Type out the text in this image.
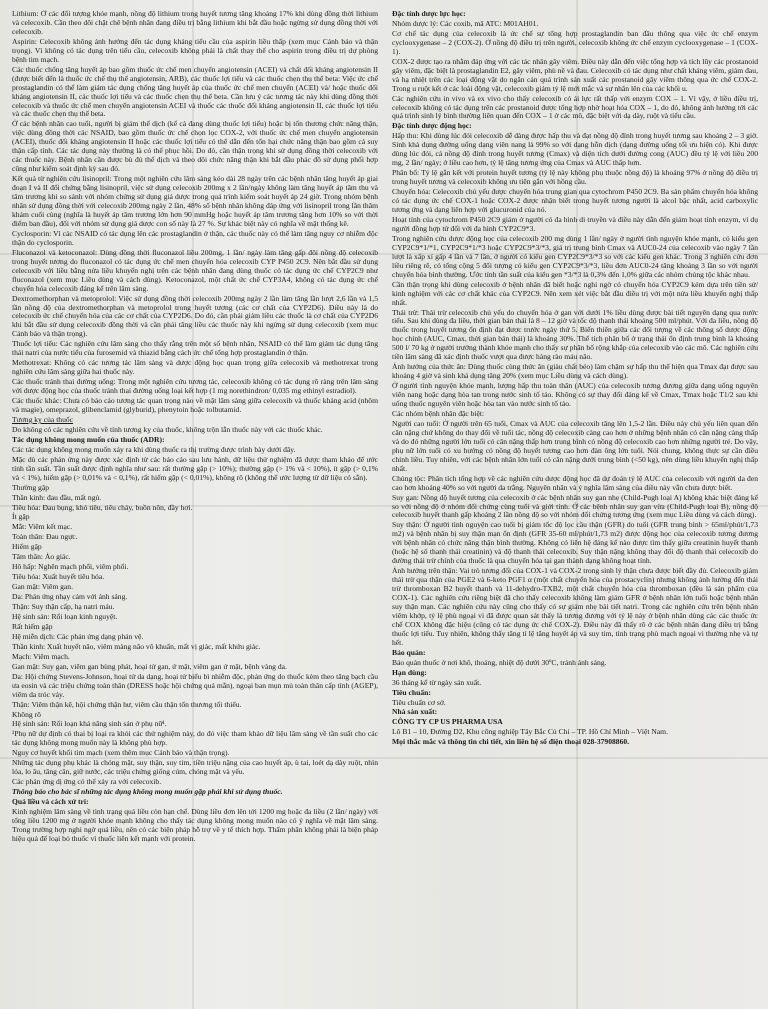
Lithium: Ở các đối tượng khỏe mạnh, nồng độ lithium trong huyết tương tăng khoảng 17% khi dùng đồng thời lithium và celecoxib. Cần theo dõi chặt chẽ bệnh nhân đang điều trị bằng lithium khi bắt đầu hoặc ngừng sử dụng đồng thời với celecoxib.

Aspirin: Celecoxib không ảnh hưởng đến tác dụng kháng tiểu cầu của aspirin liều thấp (xem mục Cảnh báo và thận trọng). Vì không có tác dụng trên tiểu cầu, celecoxib không phải là chất thay thế cho aspirin trong điều trị dự phòng bệnh tim mạch.

Các thuốc chống tăng huyết áp bao gồm thuốc ức chế men chuyển angiotensin (ACEI) và chất đối kháng angiotensin II (được biết đến là thuốc ức chế thụ thể angiotensin, ARB), các thuốc lợi tiểu và các thuốc chẹn thụ thể beta: Việc ức chế prostaglandin có thể làm giảm tác dụng chống tăng huyết áp của thuốc ức chế men chuyển (ACEI) và/ hoặc thuốc đối kháng angiotensin II, các thuốc lợi tiểu và các thuốc chẹn thụ thể beta. Cần lưu ý các tương tác này khi dùng đồng thời celecoxib và thuốc ức chế men chuyển angiotensin ACEI và thuốc các thuốc đối kháng angiotensin II, các thuốc lợi tiểu và các thuốc chẹn thụ thể beta.

Ở các bệnh nhân cao tuổi, người bị giảm thể dịch (kể cả đang dùng thuốc lợi tiểu) hoặc bị tổn thương chức năng thận, việc dùng đồng thời các NSAID, bao gồm thuốc ức chế chọn lọc COX-2, với thuốc ức chế men chuyển angiotensin (ACEI), thuốc đối kháng angiotensin II hoặc các thuốc lợi tiểu có thể dẫn đến tổn hại chức năng thận bao gồm cả suy thận cấp tính. Các tác dụng này thường là có thể phục hồi. Do đó, cần thận trọng khi sử dụng đồng thời celecoxib với các thuốc này. Bệnh nhân cần được bù đủ thể dịch và theo dõi chức năng thận khi bắt đầu phác đồ sử dụng phối hợp cũng như kiểm soát định kỳ sau đó.

Kết quả từ nghiên cứu lisinopril: Trong một nghiên cứu lâm sàng kéo dài 28 ngày trên các bệnh nhân tăng huyết áp giai đoạn I và II đối chứng bằng lisinopril, việc sử dụng celecoxib 200mg x 2 lần/ngày không làm tăng huyết áp tâm thu và tâm trương khi so sánh với nhóm chứng sử dụng giả dược trong quá trình kiểm soát huyết áp 24 giờ. Trong nhóm bệnh nhân sử dụng đồng thời với celecoxib 200mg ngày 2 lần, 48% số bệnh nhân không đáp ứng với lisinopril trong lần thăm khám cuối cùng (nghĩa là huyết áp tâm trương lớn hơn 90 mmHg hoặc huyết áp tâm trương tăng hơn 10% so với thời điểm ban đầu), đối với nhóm sử dụng giả dược con số này là 27 %. Sự khác biệt này có nghĩa về mặt thống kê.

Cyclosporin: Vì các NSAID có tác dụng lên các prostaglandin ở thận, các thuốc này có thể làm tăng nguy cơ nhiễm độc thận do cyclosporin.

Fluconazol và ketoconazol: Dùng đồng thời fluconazol liều 200mg, 1 lần/ ngày làm tăng gấp đôi nồng độ celecoxib trong huyết tương do fluconazol có tác dụng ức chế men chuyển hóa celecoxib CYP P450 2C9. Nên bắt đầu sử dụng celecoxib với liều bằng nửa liều khuyến nghị trên các bệnh nhân đang dùng thuốc có tác dụng ức chế CYP2C9 như fluconazol (xem mục Liều dùng và cách dùng). Ketoconazol, một chất ức chế CYP3A4, không có tác dụng ức chế chuyển hóa celecoxib đáng kể trên lâm sàng.

Dextromethorphan và metoprolol: Việc sử dụng đồng thời celecoxib 200mg ngày 2 lần làm tăng lần lượt 2,6 lần và 1,5 lần nồng độ của dextromethorphan và metoprolol trong huyết tương (các cơ chất của CYP2D6). Điều này là do celecoxib ức chế chuyển hóa của các cơ chất của CYP2D6. Do đó, cần phải giảm liều các thuốc là cơ chất của CYP2D6 khi bắt đầu sử dụng celecoxib đồng thời và cần phải tăng liều các thuốc này khi ngừng sử dụng celecoxib (xem mục Cảnh báo và thận trọng).

Thuốc lợi tiểu: Các nghiên cứu lâm sàng cho thấy rằng trên một số bệnh nhân, NSAID có thể làm giảm tác dụng tăng thải natri của nước tiểu của furosemid và thiazid bằng cách ức chế tổng hợp prostaglandin ở thận.

Methotrexat: Không có các tương tác lâm sàng và dược động học quan trọng giữa celecoxib và methotrexat trong nghiên cứu lâm sàng giữa hai thuốc này.

Các thuốc tránh thai đường uống: Trong một nghiên cứu tương tác, celecoxib không có tác dụng rõ ràng trên lâm sàng với dược động học của thuốc tránh thai đường uống loại kết hợp (1 mg norethindron/ 0,035 mg ethinyl estradiol).

Các thuốc khác: Chưa có báo cáo tương tác quan trọng nào về mặt lâm sàng giữa celecoxib và thuốc kháng acid (nhôm và magie), omeprazol, glibenclamid (glyburid), phenytoin hoặc tolbutamid.

Tương kỵ của thuốc

Do không có các nghiên cứu về tính tương kỵ của thuốc, không trộn lẫn thuốc này với các thuốc khác.

Tác dụng không mong muốn của thuốc (ADR):

Các tác dụng không mong muốn xảy ra khi dùng thuốc ra thị trường được trình bày dưới đây.

Mặc dù các phản ứng này được xác định từ các báo cáo sau lưu hành, dữ liệu thử nghiệm đã được tham khảo để ước tính tần suất. Tần suất được định nghĩa như sau: rất thường gặp (> 10%); thường gặp (> 1% và < 10%), ít gặp (> 0,1% và < 1%), hiếm gặp (> 0,01% và < 0,1%), rất hiếm gặp (< 0,01%), không rõ (không thể ước lượng từ dữ liệu có sẵn).

Thường gặp

Thần kinh: đau đầu, mất ngủ.

Tiêu hóa: Đau bụng, khó tiêu, tiêu chảy, buồn nôn, đầy hơi.

Ít gặp

Mắt: Viêm kết mạc.

Toàn thân: Đau ngực.

Hiếm gặp

Tâm thần: Ảo giác.

Hô hấp: Nghẽn mạch phổi, viêm phổi.

Tiêu hóa: Xuất huyết tiêu hóa.

Gan mật: Viêm gan.

Da: Phản ứng nhạy cảm với ánh sáng.

Thận: Suy thận cấp, hạ natri máu.

Hệ sinh sản: Rối loạn kinh nguyệt.

Rất hiếm gặp

Hệ miễn dịch: Các phản ứng dạng phản vệ.

Thần kinh: Xuất huyết não, viêm màng não vô khuẩn, mất vị giác, mất khứu giác.

Mạch: Viêm mạch.

Gan mật: Suy gan, viêm gan bùng phát, hoại tử gan, ứ mật, viêm gan ứ mật, bệnh vàng da.

Da: Hội chứng Stevens-Johnson, hoại tử da dạng, hoại tử biểu bì nhiễm độc, phản ứng do thuốc kèm theo tăng bạch cầu ưa eosin và các triệu chứng toàn thân (DRESS hoặc hội chứng quá mẫn), ngoại ban mụn mủ toàn thân cấp tính (AGEP), viêm da tróc vảy.

Thận: Viêm thận kẽ, hội chứng thận hư, viêm cầu thận tổn thương tối thiểu.

Không rõ

Hệ sinh sản: Rối loạn khả năng sinh sản ở phụ nữ¹.

¹Phụ nữ dự định có thai bị loại ra khỏi các thử nghiệm này, do đó việc tham khảo dữ liệu lâm sàng về tần suất cho các tác dụng không mong muốn này là không phù hợp.

Nguy cơ huyết khối tim mạch (xem thêm mục Cảnh báo và thận trọng).

Những tác dụng phụ khác là chóng mặt, suy thận, suy tim, tiền triệu nặng của cao huyết áp, ù tai, loét dạ dày ruột, nhìn lóa, lo âu, tăng cân, giữ nước, các triệu chứng giống cúm, chóng mặt và yếu.

Các phản ứng dị ứng có thể xảy ra với celecoxib.

Thông báo cho bác sĩ những tác dụng không mong muốn gặp phải khi sử dụng thuốc.

Quá liều và cách xử trí:

Kinh nghiệm lâm sàng về tình trạng quá liều còn hạn chế. Dùng liều đơn lên tới 1200 mg hoặc đa liều (2 lần/ ngày) với tổng liều 1200 mg ở người khỏe mạnh không cho thấy tác dụng không mong muốn nào có ý nghĩa về mặt lâm sàng. Trong trường hợp nghi ngờ quá liều, nên có các biện pháp hỗ trợ về y tế thích hợp. Thẩm phân không phải là biện pháp hiệu quả để loại bỏ thuốc vì thuốc liên kết mạnh với protein.

Đặc tính dược lực học:

Nhóm dược lý: Các coxib, mã ATC: M01AH01.

Cơ chế tác dụng của celecoxib là ức chế sự tổng hợp prostaglandin ban đầu thông qua việc ức chế enzym cyclooxygenase – 2 (COX-2). Ở nồng độ điều trị trên người, celecoxib không ức chế enzym cyclooxygenase – 1 (COX-1).

COX-2 được tạo ra nhằm đáp ứng với các tác nhân gây viêm. Điều này dẫn đến việc tổng hợp và tích lũy các prostanoid gây viêm, đặc biệt là prostaglandin E2, gây viêm, phù nề và đau. Celecoxib có tác dụng như chất kháng viêm, giảm đau, và hạ nhiệt trên các loại động vật do ngăn cản quá trình sản xuất các prostanoid gây viêm thông qua ức chế COX-2. Trong u ruột kết ở các loài động vật, celecoxib giảm tỷ lệ mới mắc và sự nhân lên của các khối u.

Các nghiên cứu in vivo và ex vivo cho thấy celecoxib có ái lực rất thấp với enzym COX – 1. Vì vậy, ở liều điều trị, celecoxib không có tác dụng trên các prostanoid được tổng hợp nhờ hoạt hóa COX – 1, do đó, không ảnh hưởng tới các quá trình sinh lý bình thường liên quan đến COX – 1 ở các mô, đặc biệt với dạ dày, ruột và tiểu cầu.

Đặc tính dược động học:

Hấp thu: Khi dùng lúc đói celecoxib dễ dàng được hấp thu và đạt nồng độ đỉnh trong huyết tương sau khoảng 2 – 3 giờ. Sinh khả dụng đường uống dạng viên nang là 99% so với dạng hỗn dịch (dạng đường uống tối ưu hiện có). Khi được dùng lúc đói, cả nồng độ đỉnh trong huyết tương (Cmax) và diện tích dưới đường cong (AUC) đều tỷ lệ với liều 200 mg, 2 lần/ ngày; ở liều cao hơn, tỷ lệ tăng tương ứng của Cmax và AUC thấp hơn.

Phân bố: Tỷ lệ gắn kết với protein huyết tương (tỷ lệ này không phụ thuộc nồng độ) là khoảng 97% ở nồng độ điều trị trong huyết tương và celecoxib không ưu tiên gắn với hồng cầu.

Chuyển hóa: Celecoxib chủ yếu được chuyển hóa trung gian qua cytochrom P450 2C9. Ba sản phẩm chuyển hóa không có tác dụng ức chế COX-1 hoặc COX-2 được nhận biết trong huyết tương người là alcol bậc nhất, acid carboxylic tương ứng và dạng liên hợp với glucuronid của nó.

Hoạt tính của cytochrom P450 2C9 giảm ở người có đa hình di truyền và điều này dẫn đến giảm hoạt tính enzym, ví dụ người đồng hợp tử đối với đa hình CYP2C9*3.

Trong nghiên cứu dược động học của celecoxib 200 mg dùng 1 lần/ ngày ở người tình nguyện khỏe mạnh, có kiểu gen CYP2C9*1/*1, CYP2C9*1/*3 hoặc CYP2C9*3/*3, giá trị trung bình Cmax và AUC0-24 của celecoxib vào ngày 7 lần lượt là xấp xỉ gấp 4 lần và 7 lần, ở người có kiểu gen CYP2C9*3/*3 so với các kiểu gen khác. Trong 3 nghiên cứu đơn liều riêng rẽ, có tổng cộng 5 đối tượng có kiểu gen CYP2C9*3/*3, liều đơn AUC0-24 tăng khoảng 3 lần so với người chuyển hóa bình thường. Ước tính tần suất của kiểu gen *3/*3 là 0,3% đến 1,0% giữa các nhóm chủng tộc khác nhau.

Cần thận trọng khi dùng celecoxib ở bệnh nhân đã biết hoặc nghi ngờ có chuyển hóa CYP2C9 kém dựa trên tiền sử/ kinh nghiệm với các cơ chất khác của CYP2C9. Nên xem xét việc bắt đầu điều trị với một nửa liều khuyến nghị thấp nhất.

Thải trừ: Thải trừ celecoxib chủ yếu do chuyển hóa ở gan với dưới 1% liều dùng được bài tiết nguyên dạng qua nước tiểu. Sau khi dùng đa liều, thời gian bán thải là 8 – 12 giờ và tốc độ thanh thải khoảng 500 ml/phút. Với đa liều, nồng độ thuốc trong huyết tương ổn định đạt được trước ngày thứ 5. Biến thiên giữa các đối tượng về các thông số dược động học chính (AUC, Cmax, thời gian bán thải) là khoảng 30%. Thể tích phân bố ở trạng thái ổn định trung bình là khoảng 500 l/ 70 kg ở người trưởng thành khỏe mạnh cho thấy sự phân bố rộng khắp của celecoxib vào các mô. Các nghiên cứu tiền lâm sàng đã xác định thuốc vượt qua được hàng rào máu não.

Ảnh hưởng của thức ăn: Dùng thuốc cùng thức ăn (giàu chất béo) làm chậm sự hấp thu thể hiện qua Tmax đạt được sau khoảng 4 giờ và sinh khả dụng tăng 20% (xem mục Liều dùng và cách dùng).

Ở người tình nguyện khỏe mạnh, lượng hấp thu toàn thân (AUC) của celecoxib tương đương giữa dạng uống nguyên viên nang hoặc dạng hòa tan trong nước sinh tố táo. Không có sự thay đổi đáng kể về Cmax, Tmax hoặc T1/2 sau khi uống thuốc nguyên viên hoặc hòa tan vào nước sinh tố táo.

Các nhóm bệnh nhân đặc biệt:

Người cao tuổi: Ở người trên 65 tuổi, Cmax và AUC của celecoxib tăng lên 1,5-2 lần. Điều này chủ yếu liên quan đến cân nặng chứ không do thay đổi về tuổi tác, nồng độ celecoxib càng cao hơn ở những bệnh nhân có cân nặng càng thấp và do đó những người lớn tuổi có cân nặng thấp hơn trung bình có nồng độ celecoxib cao hơn những người trẻ. Do vậy, phụ nữ lớn tuổi có xu hướng có nồng độ huyết tương cao hơn đàn ông lớn tuổi. Nói chung, không thực sự cần điều chỉnh liều. Tuy nhiên, với các bệnh nhân lớn tuổi có cân nặng dưới trung bình (<50 kg), nên dùng liều khuyến nghị thấp nhất.

Chủng tộc: Phân tích tổng hợp về các nghiên cứu dược động học đã dự đoán tỷ lệ AUC của celecoxib với người da đen cao hơn khoảng 40% so với người da trắng. Nguyên nhân và ý nghĩa lâm sàng của điều này vẫn chưa được biết.

Suy gan: Nồng độ huyết tương của celecoxib ở các bệnh nhân suy gan nhẹ (Child-Pugh loại A) không khác biệt đáng kể so với nồng độ ở nhóm đối chứng cùng tuổi và giới tính. Ở các bệnh nhân suy gan vừa (Child-Pugh loại B), nồng độ celecoxib huyết thanh gấp khoảng 2 lần nồng độ so với nhóm đối chứng tương ứng (xem mục Liều dùng và cách dùng).

Suy thận: Ở người tình nguyện cao tuổi bị giảm tốc độ lọc cầu thận (GFR) do tuổi (GFR trung bình > 65ml/phút/1,73 m2) và bệnh nhân bị suy thận mạn ổn định (GFR 35-60 ml/phút/1,73 m2) được động học của celecoxib tương đương với bệnh nhân có chức năng thận bình thường. Không có liên hệ đáng kể nào được tìm thấy giữa creatinin huyết thanh (hoặc hệ số thanh thải creatinin) và độ thanh thải celecoxib. Suy thận nặng không thay đổi độ thanh thải celecoxib do đường thải trừ chính của thuốc là qua chuyển hóa tại gan thành dạng không hoạt tính.

Ảnh hưởng trên thận: Vai trò tương đối của COX-1 và COX-2 trong sinh lý thận chưa được biết đầy đủ. Celecoxib giảm thải trừ qua thận của PGE2 và 6-keto PGF1 α (một chất chuyển hóa của prostacyclin) nhưng không ảnh hưởng đến thải trừ thromboxan B2 huyết thanh và 11-dehydro-TXB2, một chất chuyển hóa của thromboxan (đều là sản phẩm của COX-1). Các nghiên cứu riêng biệt đã cho thấy celecoxib không làm giảm GFR ở bệnh nhân lớn tuổi hoặc bệnh nhân suy thận mạn. Các nghiên cứu này cũng cho thấy có sự giảm nhẹ bài tiết natri. Trong các nghiên cứu trên bệnh nhân viêm khớp, tỷ lệ phù ngoại vi đã được quan sát thấy là tương đương với tỷ lệ này ở bệnh nhân dùng các các thuốc ức chế COX không đặc hiệu (cũng có tác dụng ức chế COX-2). Điều này đã thấy rõ ở các bệnh nhân đang điều trị bằng thuốc lợi tiểu. Tuy nhiên, không thấy tăng tỉ lệ tăng huyết áp và suy tim, tình trạng phù mạch ngoại vi thường nhẹ và tự hết.

Bảo quản:

Bảo quản thuốc ở nơi khô, thoáng, nhiệt độ dưới 30ºC, tránh ánh sáng.

Hạn dùng:

36 tháng kể từ ngày sản xuất.

Tiêu chuẩn:

Tiêu chuẩn cơ sở.

Nhà sản xuất:

CÔNG TY CP US PHARMA USA

Lô B1 – 10, Đường D2, Khu công nghiệp Tây Bắc Củ Chi – TP. Hồ Chí Minh – Việt Nam.

Mọi thắc mắc và thông tin chi tiết, xin liên hệ số điện thoại 028-37908860.
